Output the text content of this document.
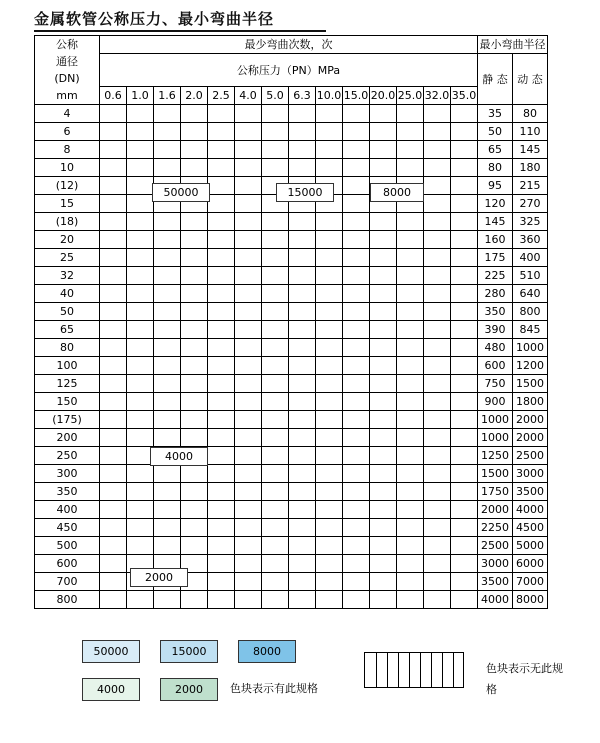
金属软管公称压力、最小弯曲半径
公称
通径
(DN)
mm	最少弯曲次数，次														最小弯曲半径	
	公称压力（PN）MPa														静 态	动 态
	0.6	1.0	1.6	2.0	2.5	4.0	5.0	6.3	10.0	15.0	20.0	25.0	32.0	35.0		
4															35	80
6															50	110
8															65	145
10															80	180
(12)															95	215
15															120	270
(18)															145	325
20															160	360
25															175	400
32															225	510
40															280	640
50															350	800
65															390	845
80															480	1000
100															600	1200
125															750	1500
150															900	1800
(175)															1000	2000
200															1000	2000
250															1250	2500
300															1500	3000
350															1750	3500
400															2000	4000
450															2250	4500
500															2500	5000
600															3000	6000
700															3500	7000
800															4000	8000
50000	15000	8000
4000
2000
50000	15000	8000
4000	2000
色块表示无此规格
色块表示有此规格
